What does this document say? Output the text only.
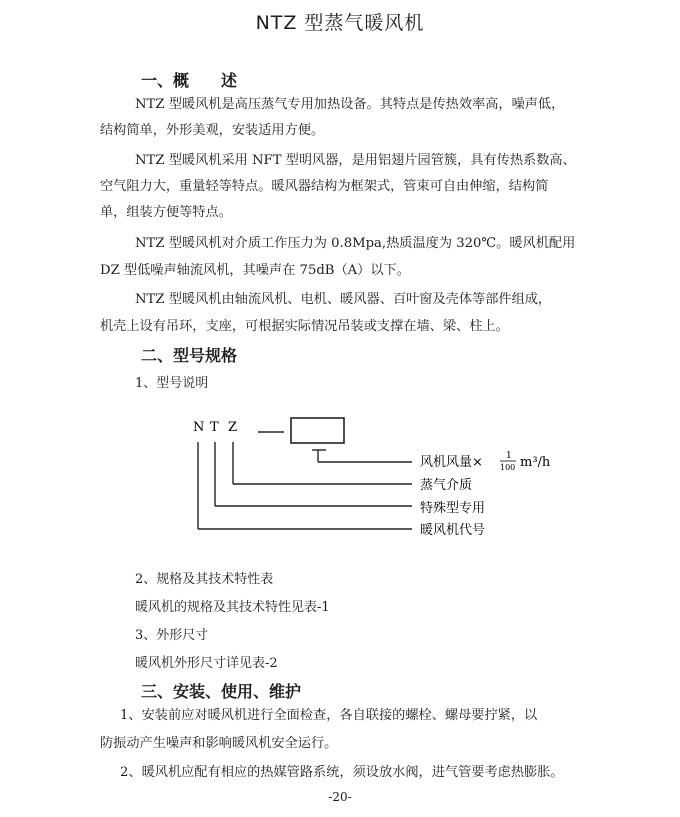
NTZ 型蒸气暖风机
一、概　　述
NTZ 型暖风机是高压蒸气专用加热设备。其特点是传热效率高，噪声低，
结构简单，外形美观，安装适用方便。
NTZ 型暖风机采用 NFT 型明风器，是用铝翅片园管簇，具有传热系数高、
空气阻力大，重量轻等特点。暖风器结构为框架式，管束可自由伸缩，结构简
单，组装方便等特点。
NTZ 型暖风机对介质工作压力为 0.8Mpa,热质温度为 320℃。暖风机配用
DZ 型低噪声轴流风机，其噪声在 75dB（A）以下。
NTZ 型暖风机由轴流风机、电机、暖风器、百叶窗及壳体等部件组成，
机壳上设有吊环，支座，可根据实际情况吊装或支撑在墙、梁、柱上。
二、型号规格
1、型号说明
N T Z
风机风量×	1
100 m³/h
蒸气介质
特殊型专用
暖风机代号
2、规格及其技术特性表
暖风机的规格及其技术特性见表-1
3、外形尺寸
暖风机外形尺寸详见表-2
三、安装、使用、维护
1、安装前应对暖风机进行全面检查，各自联接的螺栓、螺母要拧紧，以
防振动产生噪声和影响暖风机安全运行。
2、暖风机应配有相应的热媒管路系统，须设放水阀，进气管要考虑热膨胀。
-20-
